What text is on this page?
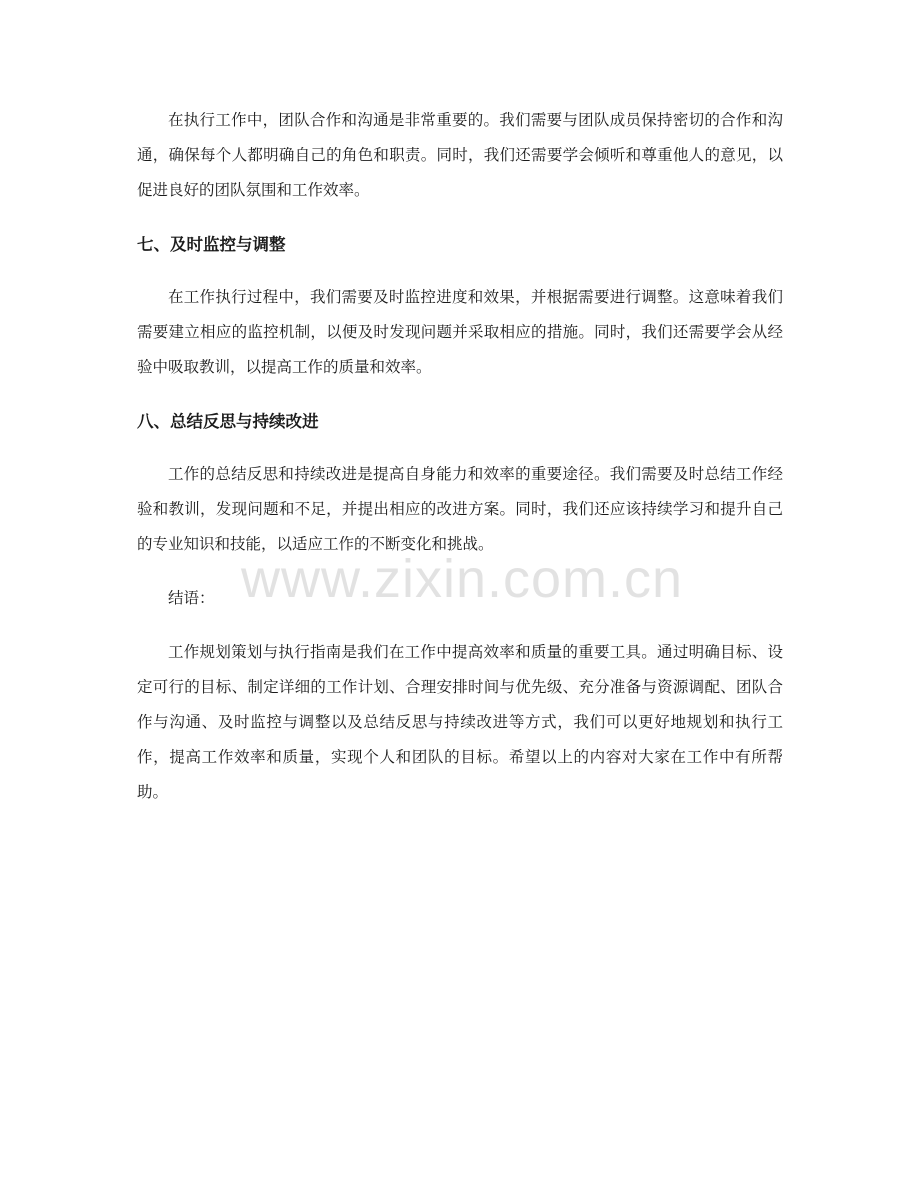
在执行工作中，团队合作和沟通是非常重要的。我们需要与团队成员保持密切的合作和沟通，确保每个人都明确自己的角色和职责。同时，我们还需要学会倾听和尊重他人的意见，以促进良好的团队氛围和工作效率。

七、及时监控与调整

在工作执行过程中，我们需要及时监控进度和效果，并根据需要进行调整。这意味着我们需要建立相应的监控机制，以便及时发现问题并采取相应的措施。同时，我们还需要学会从经验中吸取教训，以提高工作的质量和效率。

八、总结反思与持续改进

工作的总结反思和持续改进是提高自身能力和效率的重要途径。我们需要及时总结工作经验和教训，发现问题和不足，并提出相应的改进方案。同时，我们还应该持续学习和提升自己的专业知识和技能，以适应工作的不断变化和挑战。

结语：

工作规划策划与执行指南是我们在工作中提高效率和质量的重要工具。通过明确目标、设定可行的目标、制定详细的工作计划、合理安排时间与优先级、充分准备与资源调配、团队合作与沟通、及时监控与调整以及总结反思与持续改进等方式，我们可以更好地规划和执行工作，提高工作效率和质量，实现个人和团队的目标。希望以上的内容对大家在工作中有所帮助。

www.zixin.com.cn
